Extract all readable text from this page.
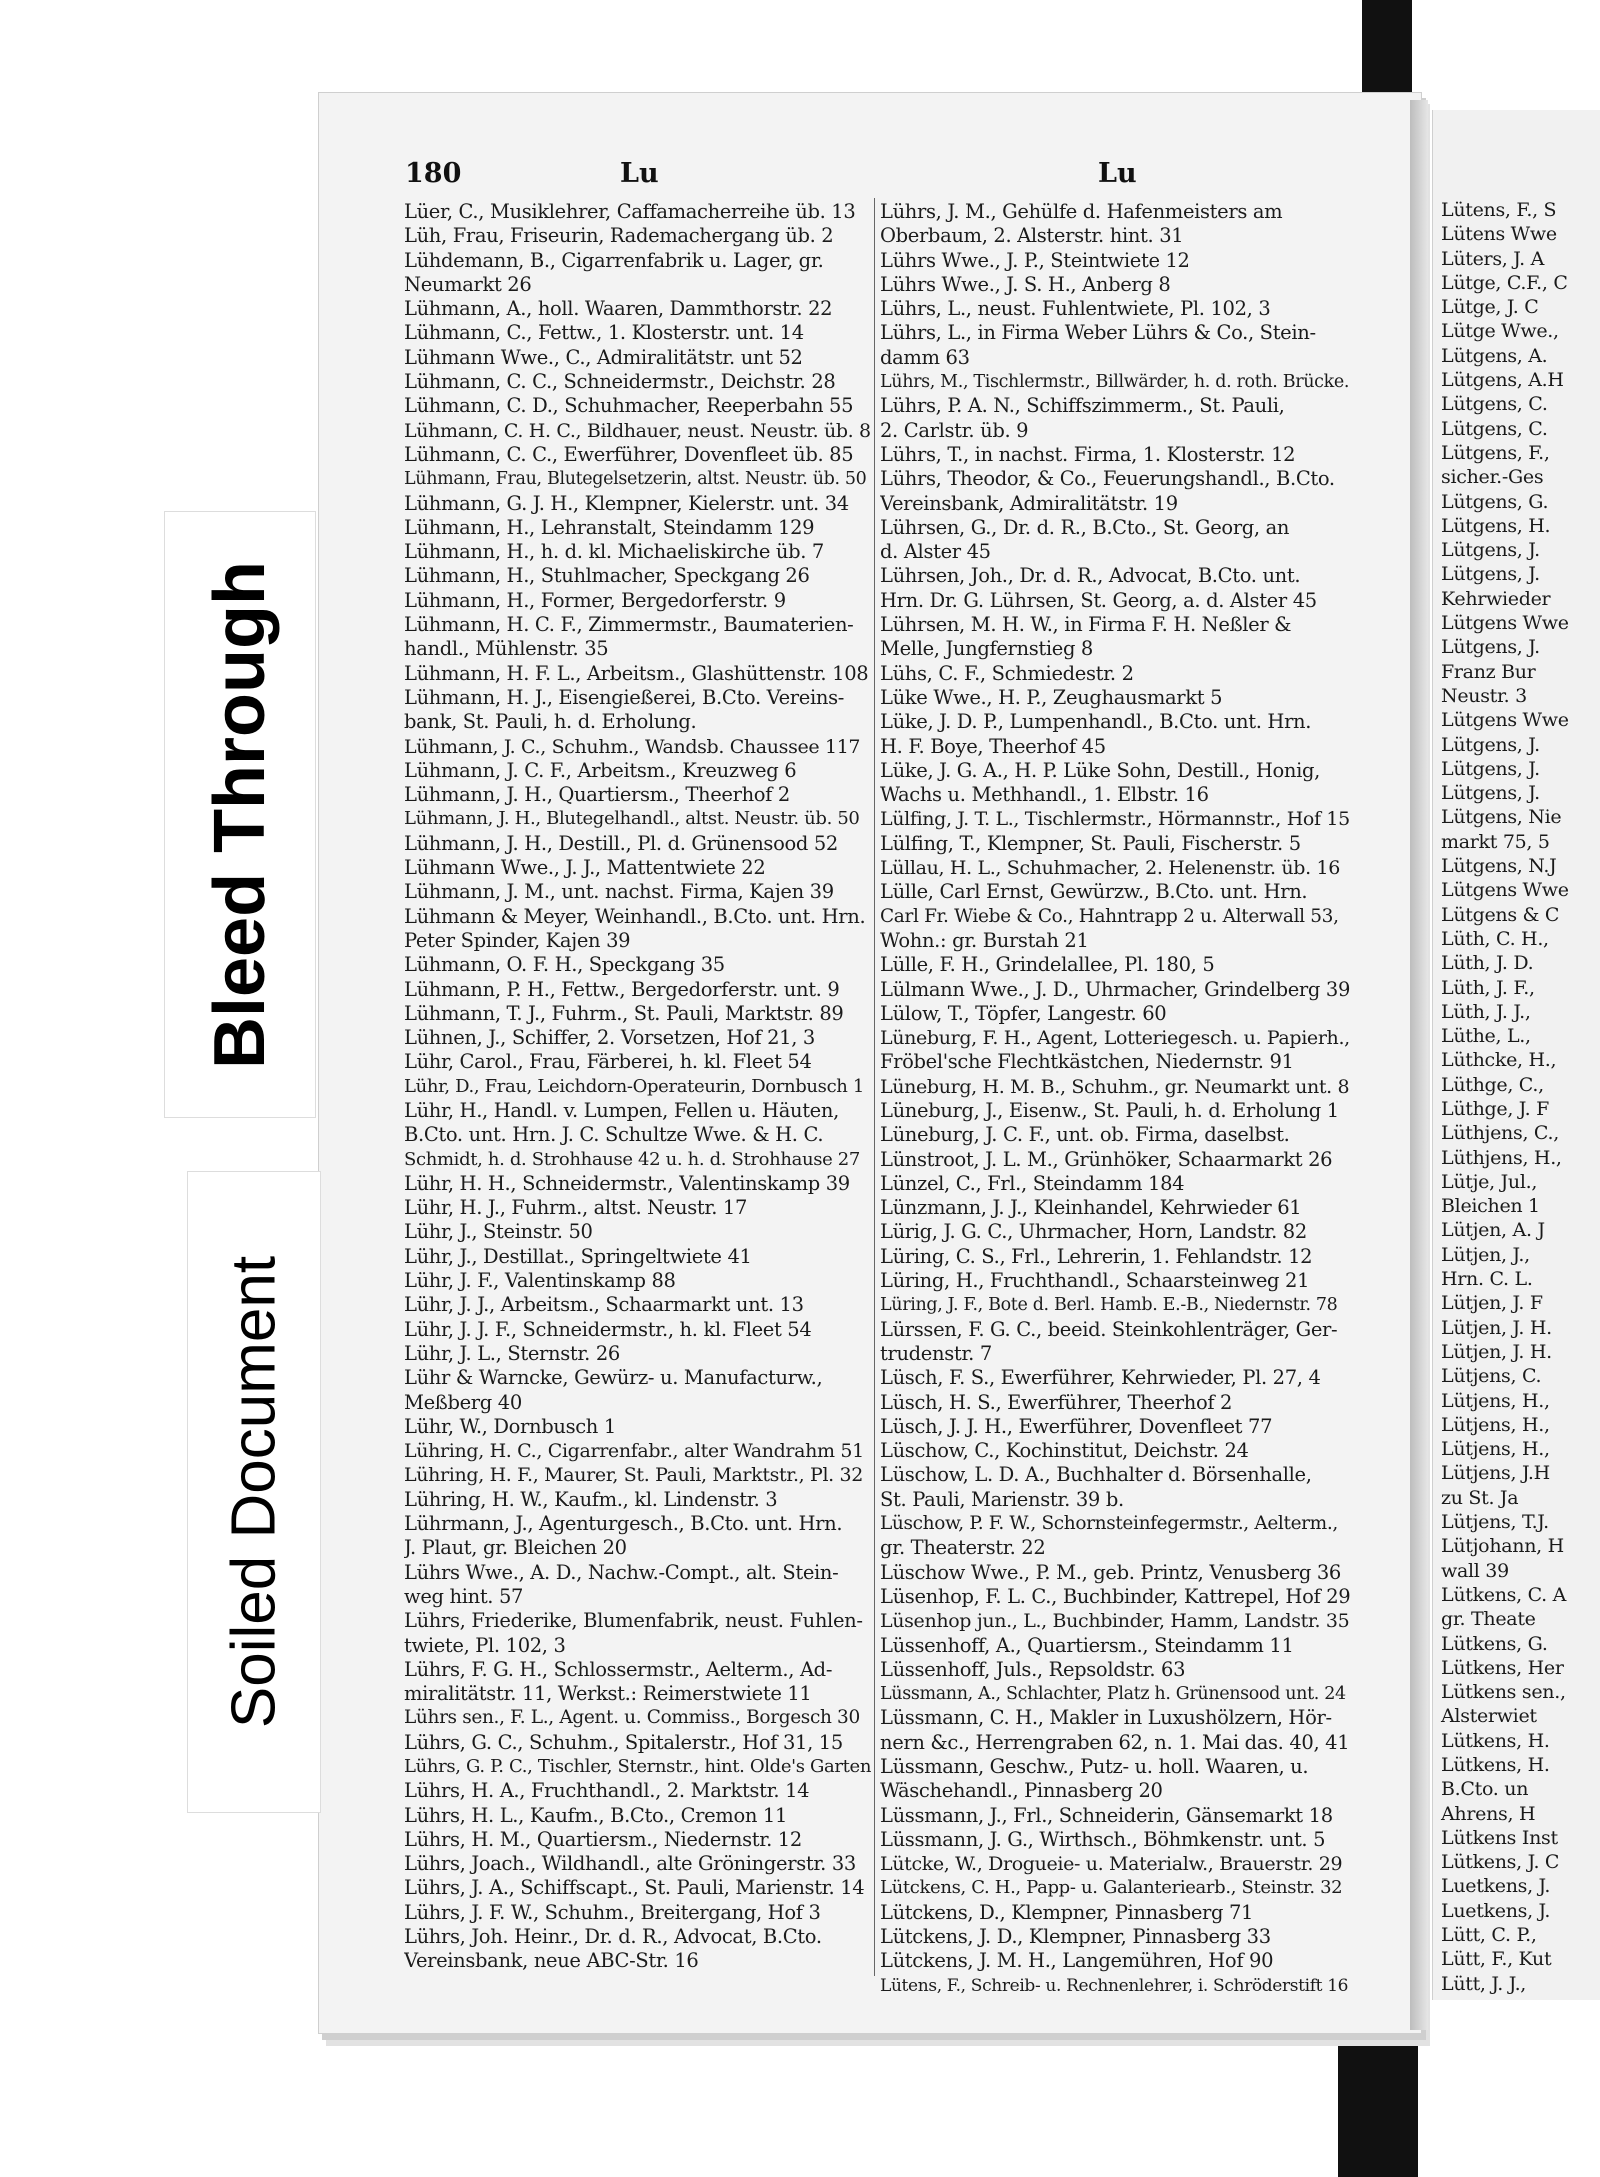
Lütens, F., S
Lütens Wwe
Lüters, J. A
Lütge, C.F., C
Lütge, J. C
Lütge Wwe.,
Lütgens, A.
Lütgens, A.H
Lütgens, C.
Lütgens, C.
Lütgens, F.,
sicher.-Ges
Lütgens, G.
Lütgens, H.
Lütgens, J.
Lütgens, J.
Kehrwieder
Lütgens Wwe
Lütgens, J.
Franz Bur
Neustr. 3
Lütgens Wwe
Lütgens, J.
Lütgens, J.
Lütgens, J.
Lütgens, Nie
markt 75, 5
Lütgens, N.J
Lütgens Wwe
Lütgens & C
Lüth, C. H.,
Lüth, J. D.
Lüth, J. F.,
Lüth, J. J.,
Lüthe, L.,
Lüthcke, H.,
Lüthge, C.,
Lüthge, J. F
Lüthjens, C.,
Lüthjens, H.,
Lütje, Jul.,
Bleichen 1
Lütjen, A. J
Lütjen, J.,
Hrn. C. L.
Lütjen, J. F
Lütjen, J. H.
Lütjen, J. H.
Lütjens, C.
Lütjens, H.,
Lütjens, H.,
Lütjens, H.,
Lütjens, J.H
zu St. Ja
Lütjens, T.J.
Lütjohann, H
wall 39
Lütkens, C. A
gr. Theate
Lütkens, G.
Lütkens, Her
Lütkens sen.,
Alsterwiet
Lütkens, H.
Lütkens, H.
B.Cto. un
Ahrens, H
Lütkens Inst
Lütkens, J. C
Luetkens, J.
Luetkens, J.
Lütt, C. P.,
Lütt, F., Kut
Lütt, J. J.,
180	Lu	Lu
Lüer, C., Musiklehrer, Caffamacherreihe üb. 13
Lüh, Frau, Friseurin, Rademachergang üb. 2
Lühdemann, B., Cigarrenfabrik u. Lager, gr.
Neumarkt 26
Lühmann, A., holl. Waaren, Dammthorstr. 22
Lühmann, C., Fettw., 1. Klosterstr. unt. 14
Lühmann Wwe., C., Admiralitätstr. unt 52
Lühmann, C. C., Schneidermstr., Deichstr. 28
Lühmann, C. D., Schuhmacher, Reeperbahn 55
Lühmann, C. H. C., Bildhauer, neust. Neustr. üb. 8
Lühmann, C. C., Ewerführer, Dovenfleet üb. 85
Lühmann, Frau, Blutegelsetzerin, altst. Neustr. üb. 50
Lühmann, G. J. H., Klempner, Kielerstr. unt. 34
Lühmann, H., Lehranstalt, Steindamm 129
Lühmann, H., h. d. kl. Michaeliskirche üb. 7
Lühmann, H., Stuhlmacher, Speckgang 26
Lühmann, H., Former, Bergedorferstr. 9
Lühmann, H. C. F., Zimmermstr., Baumaterien-
handl., Mühlenstr. 35
Lühmann, H. F. L., Arbeitsm., Glashüttenstr. 108
Lühmann, H. J., Eisengießerei, B.Cto. Vereins-
bank, St. Pauli, h. d. Erholung.
Lühmann, J. C., Schuhm., Wandsb. Chaussee 117
Lühmann, J. C. F., Arbeitsm., Kreuzweg 6
Lühmann, J. H., Quartiersm., Theerhof 2
Lühmann, J. H., Blutegelhandl., altst. Neustr. üb. 50
Lühmann, J. H., Destill., Pl. d. Grünensood 52
Lühmann Wwe., J. J., Mattentwiete 22
Lühmann, J. M., unt. nachst. Firma, Kajen 39
Lühmann & Meyer, Weinhandl., B.Cto. unt. Hrn.
Peter Spinder, Kajen 39
Lühmann, O. F. H., Speckgang 35
Lühmann, P. H., Fettw., Bergedorferstr. unt. 9
Lühmann, T. J., Fuhrm., St. Pauli, Marktstr. 89
Lühnen, J., Schiffer, 2. Vorsetzen, Hof 21, 3
Lühr, Carol., Frau, Färberei, h. kl. Fleet 54
Lühr, D., Frau, Leichdorn-Operateurin, Dornbusch 1
Lühr, H., Handl. v. Lumpen, Fellen u. Häuten,
B.Cto. unt. Hrn. J. C. Schultze Wwe. & H. C.
Schmidt, h. d. Strohhause 42 u. h. d. Strohhause 27
Lühr, H. H., Schneidermstr., Valentinskamp 39
Lühr, H. J., Fuhrm., altst. Neustr. 17
Lühr, J., Steinstr. 50
Lühr, J., Destillat., Springeltwiete 41
Lühr, J. F., Valentinskamp 88
Lühr, J. J., Arbeitsm., Schaarmarkt unt. 13
Lühr, J. J. F., Schneidermstr., h. kl. Fleet 54
Lühr, J. L., Sternstr. 26
Lühr & Warncke, Gewürz- u. Manufacturw.,
Meßberg 40
Lühr, W., Dornbusch 1
Lühring, H. C., Cigarrenfabr., alter Wandrahm 51
Lühring, H. F., Maurer, St. Pauli, Marktstr., Pl. 32
Lühring, H. W., Kaufm., kl. Lindenstr. 3
Lührmann, J., Agenturgesch., B.Cto. unt. Hrn.
J. Plaut, gr. Bleichen 20
Lührs Wwe., A. D., Nachw.-Compt., alt. Stein-
weg hint. 57
Lührs, Friederike, Blumenfabrik, neust. Fuhlen-
twiete, Pl. 102, 3
Lührs, F. G. H., Schlossermstr., Aelterm., Ad-
miralitätstr. 11, Werkst.: Reimerstwiete 11
Lührs sen., F. L., Agent. u. Commiss., Borgesch 30
Lührs, G. C., Schuhm., Spitalerstr., Hof 31, 15
Lührs, G. P. C., Tischler, Sternstr., hint. Olde's Garten
Lührs, H. A., Fruchthandl., 2. Marktstr. 14
Lührs, H. L., Kaufm., B.Cto., Cremon 11
Lührs, H. M., Quartiersm., Niedernstr. 12
Lührs, Joach., Wildhandl., alte Gröningerstr. 33
Lührs, J. A., Schiffscapt., St. Pauli, Marienstr. 14
Lührs, J. F. W., Schuhm., Breitergang, Hof 3
Lührs, Joh. Heinr., Dr. d. R., Advocat, B.Cto.
Vereinsbank, neue ABC-Str. 16
Lührs, J. M., Gehülfe d. Hafenmeisters am
Oberbaum, 2. Alsterstr. hint. 31
Lührs Wwe., J. P., Steintwiete 12
Lührs Wwe., J. S. H., Anberg 8
Lührs, L., neust. Fuhlentwiete, Pl. 102, 3
Lührs, L., in Firma Weber Lührs & Co., Stein-
damm 63
Lührs, M., Tischlermstr., Billwärder, h. d. roth. Brücke.
Lührs, P. A. N., Schiffszimmerm., St. Pauli,
2. Carlstr. üb. 9
Lührs, T., in nachst. Firma, 1. Klosterstr. 12
Lührs, Theodor, & Co., Feuerungshandl., B.Cto.
Vereinsbank, Admiralitätstr. 19
Lührsen, G., Dr. d. R., B.Cto., St. Georg, an
d. Alster 45
Lührsen, Joh., Dr. d. R., Advocat, B.Cto. unt.
Hrn. Dr. G. Lührsen, St. Georg, a. d. Alster 45
Lührsen, M. H. W., in Firma F. H. Neßler &
Melle, Jungfernstieg 8
Lühs, C. F., Schmiedestr. 2
Lüke Wwe., H. P., Zeughausmarkt 5
Lüke, J. D. P., Lumpenhandl., B.Cto. unt. Hrn.
H. F. Boye, Theerhof 45
Lüke, J. G. A., H. P. Lüke Sohn, Destill., Honig,
Wachs u. Methhandl., 1. Elbstr. 16
Lülfing, J. T. L., Tischlermstr., Hörmannstr., Hof 15
Lülfing, T., Klempner, St. Pauli, Fischerstr. 5
Lüllau, H. L., Schuhmacher, 2. Helenenstr. üb. 16
Lülle, Carl Ernst, Gewürzw., B.Cto. unt. Hrn.
Carl Fr. Wiebe & Co., Hahntrapp 2 u. Alterwall 53,
Wohn.: gr. Burstah 21
Lülle, F. H., Grindelallee, Pl. 180, 5
Lülmann Wwe., J. D., Uhrmacher, Grindelberg 39
Lülow, T., Töpfer, Langestr. 60
Lüneburg, F. H., Agent, Lotteriegesch. u. Papierh.,
Fröbel'sche Flechtkästchen, Niedernstr. 91
Lüneburg, H. M. B., Schuhm., gr. Neumarkt unt. 8
Lüneburg, J., Eisenw., St. Pauli, h. d. Erholung 1
Lüneburg, J. C. F., unt. ob. Firma, daselbst.
Lünstroot, J. L. M., Grünhöker, Schaarmarkt 26
Lünzel, C., Frl., Steindamm 184
Lünzmann, J. J., Kleinhandel, Kehrwieder 61
Lürig, J. G. C., Uhrmacher, Horn, Landstr. 82
Lüring, C. S., Frl., Lehrerin, 1. Fehlandstr. 12
Lüring, H., Fruchthandl., Schaarsteinweg 21
Lüring, J. F., Bote d. Berl. Hamb. E.-B., Niedernstr. 78
Lürssen, F. G. C., beeid. Steinkohlenträger, Ger-
trudenstr. 7
Lüsch, F. S., Ewerführer, Kehrwieder, Pl. 27, 4
Lüsch, H. S., Ewerführer, Theerhof 2
Lüsch, J. J. H., Ewerführer, Dovenfleet 77
Lüschow, C., Kochinstitut, Deichstr. 24
Lüschow, L. D. A., Buchhalter d. Börsenhalle,
St. Pauli, Marienstr. 39 b.
Lüschow, P. F. W., Schornsteinfegermstr., Aelterm.,
gr. Theaterstr. 22
Lüschow Wwe., P. M., geb. Printz, Venusberg 36
Lüsenhop, F. L. C., Buchbinder, Kattrepel, Hof 29
Lüsenhop jun., L., Buchbinder, Hamm, Landstr. 35
Lüssenhoff, A., Quartiersm., Steindamm 11
Lüssenhoff, Juls., Repsoldstr. 63
Lüssmann, A., Schlachter, Platz h. Grünensood unt. 24
Lüssmann, C. H., Makler in Luxushölzern, Hör-
nern &c., Herrengraben 62, n. 1. Mai das. 40, 41
Lüssmann, Geschw., Putz- u. holl. Waaren, u.
Wäschehandl., Pinnasberg 20
Lüssmann, J., Frl., Schneiderin, Gänsemarkt 18
Lüssmann, J. G., Wirthsch., Böhmkenstr. unt. 5
Lütcke, W., Drogueie- u. Materialw., Brauerstr. 29
Lütckens, C. H., Papp- u. Galanteriearb., Steinstr. 32
Lütckens, D., Klempner, Pinnasberg 71
Lütckens, J. D., Klempner, Pinnasberg 33
Lütckens, J. M. H., Langemühren, Hof 90
Lütens, F., Schreib- u. Rechnenlehrer, i. Schröderstift 16
Bleed Through
Soiled Document
